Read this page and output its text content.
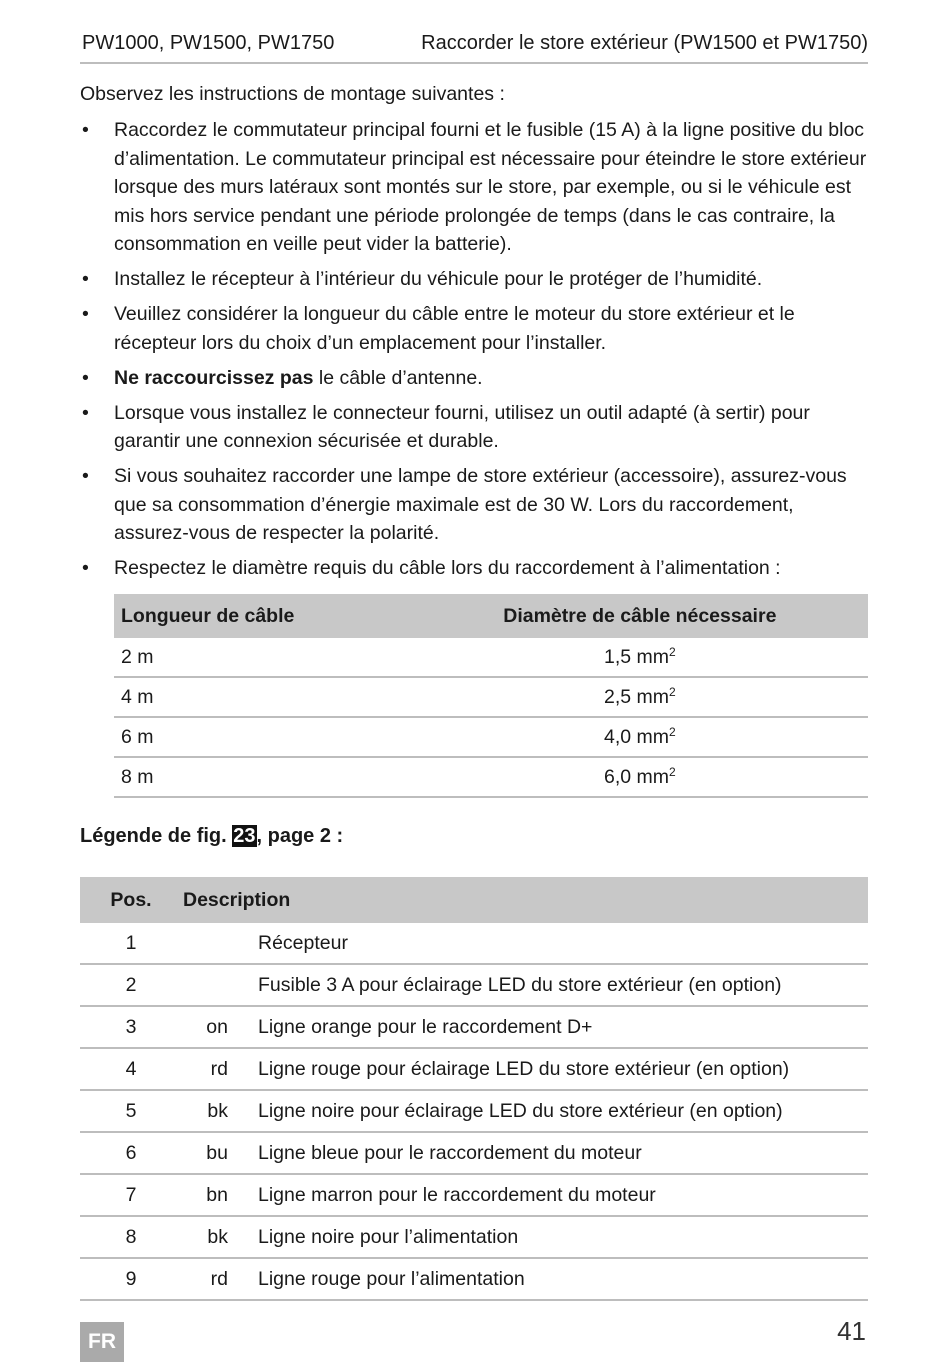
PW1000, PW1500, PW1750	Raccorder le store extérieur (PW1500 et PW1750)
Observez les instructions de montage suivantes :
• Raccordez le commutateur principal fourni et le fusible (15 A) à la ligne positive du bloc d’alimentation. Le commutateur principal est nécessaire pour éteindre le store extérieur lorsque des murs latéraux sont montés sur le store, par exemple, ou si le véhicule est mis hors service pendant une période prolongée de temps (dans le cas contraire, la consommation en veille peut vider la batterie).
• Installez le récepteur à l’intérieur du véhicule pour le protéger de l’humidité.
• Veuillez considérer la longueur du câble entre le moteur du store extérieur et le récepteur lors du choix d’un emplacement pour l’installer.
• Ne raccourcissez pas le câble d’antenne.
• Lorsque vous installez le connecteur fourni, utilisez un outil adapté (à sertir) pour garantir une connexion sécurisée et durable.
• Si vous souhaitez raccorder une lampe de store extérieur (accessoire), assurez-vous que sa consommation d’énergie maximale est de 30 W. Lors du raccordement, assurez-vous de respecter la polarité.
• Respectez le diamètre requis du câble lors du raccordement à l’alimentation :
Longueur de câble	Diamètre de câble nécessaire
2 m	1,5 $mm^2$
4 m	2,5 $mm^2$
6 m	4,0 $mm^2$
8 m	6,0 $mm^2$
Légende de fig. 23, page 2 :
Pos.	Description	
1		Récepteur
2		Fusible 3 A pour éclairage LED du store extérieur (en option)
3	on	Ligne orange pour le raccordement D+
4	rd	Ligne rouge pour éclairage LED du store extérieur (en option)
5	bk	Ligne noire pour éclairage LED du store extérieur (en option)
6	bu	Ligne bleue pour le raccordement du moteur
7	bn	Ligne marron pour le raccordement du moteur
8	bk	Ligne noire pour l’alimentation
9	rd	Ligne rouge pour l’alimentation
FR	41
